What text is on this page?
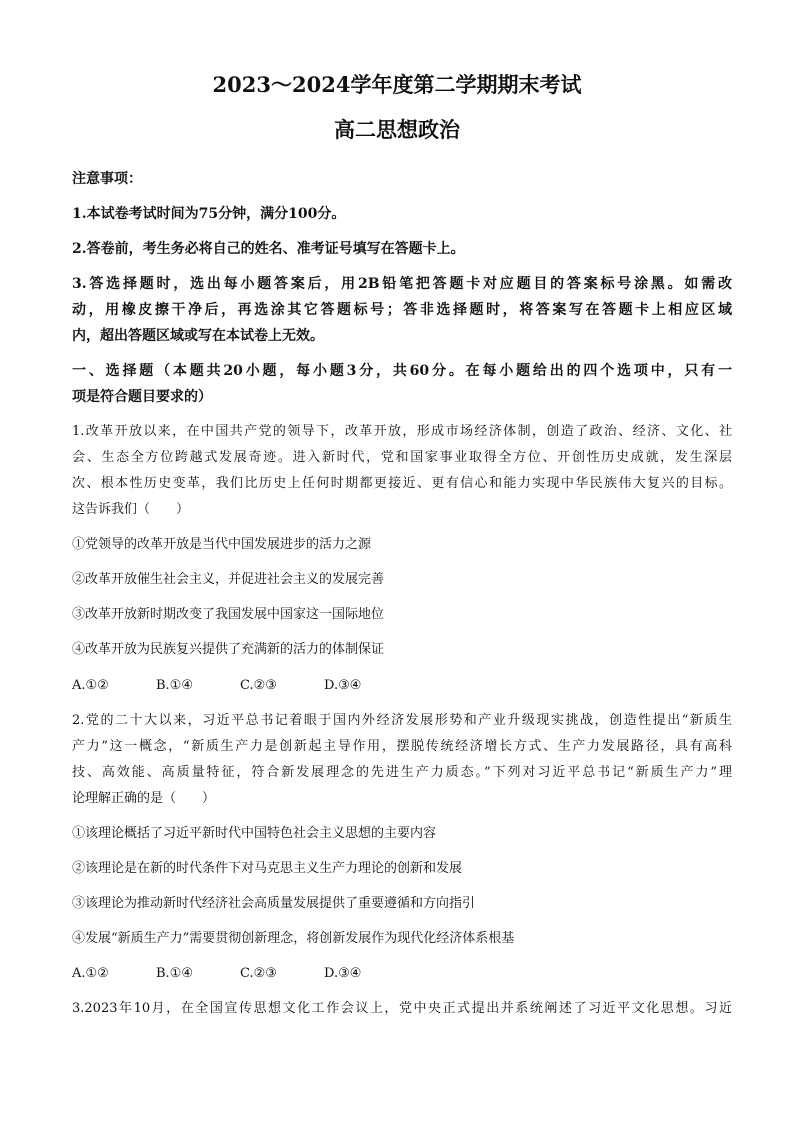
2023～2024学年度第二学期期末考试
高二思想政治
注意事项：
1.本试卷考试时间为75分钟，满分100分。
2.答卷前，考生务必将自己的姓名、准考证号填写在答题卡上。
3.答选择题时，选出每小题答案后，用2B铅笔把答题卡对应题目的答案标号涂黑。如需改
动，用橡皮擦干净后，再选涂其它答题标号；答非选择题时，将答案写在答题卡上相应区域
内，超出答题区域或写在本试卷上无效。
一、选择题（本题共20小题，每小题3分，共60分。在每小题给出的四个选项中，只有一
项是符合题目要求的）
1.改革开放以来，在中国共产党的领导下，改革开放，形成市场经济体制，创造了政治、经济、文化、社
会、生态全方位跨越式发展奇迹。进入新时代，党和国家事业取得全方位、开创性历史成就，发生深层
次、根本性历史变革，我们比历史上任何时期都更接近、更有信心和能力实现中华民族伟大复兴的目标。
这告诉我们（　　）
①党领导的改革开放是当代中国发展进步的活力之源
②改革开放催生社会主义，并促进社会主义的发展完善
③改革开放新时期改变了我国发展中国家这一国际地位
④改革开放为民族复兴提供了充满新的活力的体制保证
A.①②	B.①④	C.②③	D.③④
2.党的二十大以来，习近平总书记着眼于国内外经济发展形势和产业升级现实挑战，创造性提出“新质生
产力”这一概念，“新质生产力是创新起主导作用，摆脱传统经济增长方式、生产力发展路径，具有高科
技、高效能、高质量特征，符合新发展理念的先进生产力质态。”下列对习近平总书记“新质生产力”理
论理解正确的是（　　）
①该理论概括了习近平新时代中国特色社会主义思想的主要内容
②该理论是在新的时代条件下对马克思主义生产力理论的创新和发展
③该理论为推动新时代经济社会高质量发展提供了重要遵循和方向指引
④发展“新质生产力”需要贯彻创新理念，将创新发展作为现代化经济体系根基
A.①②	B.①④	C.②③	D.③④
3.2023年10月，在全国宣传思想文化工作会议上，党中央正式提出并系统阐述了习近平文化思想。习近
